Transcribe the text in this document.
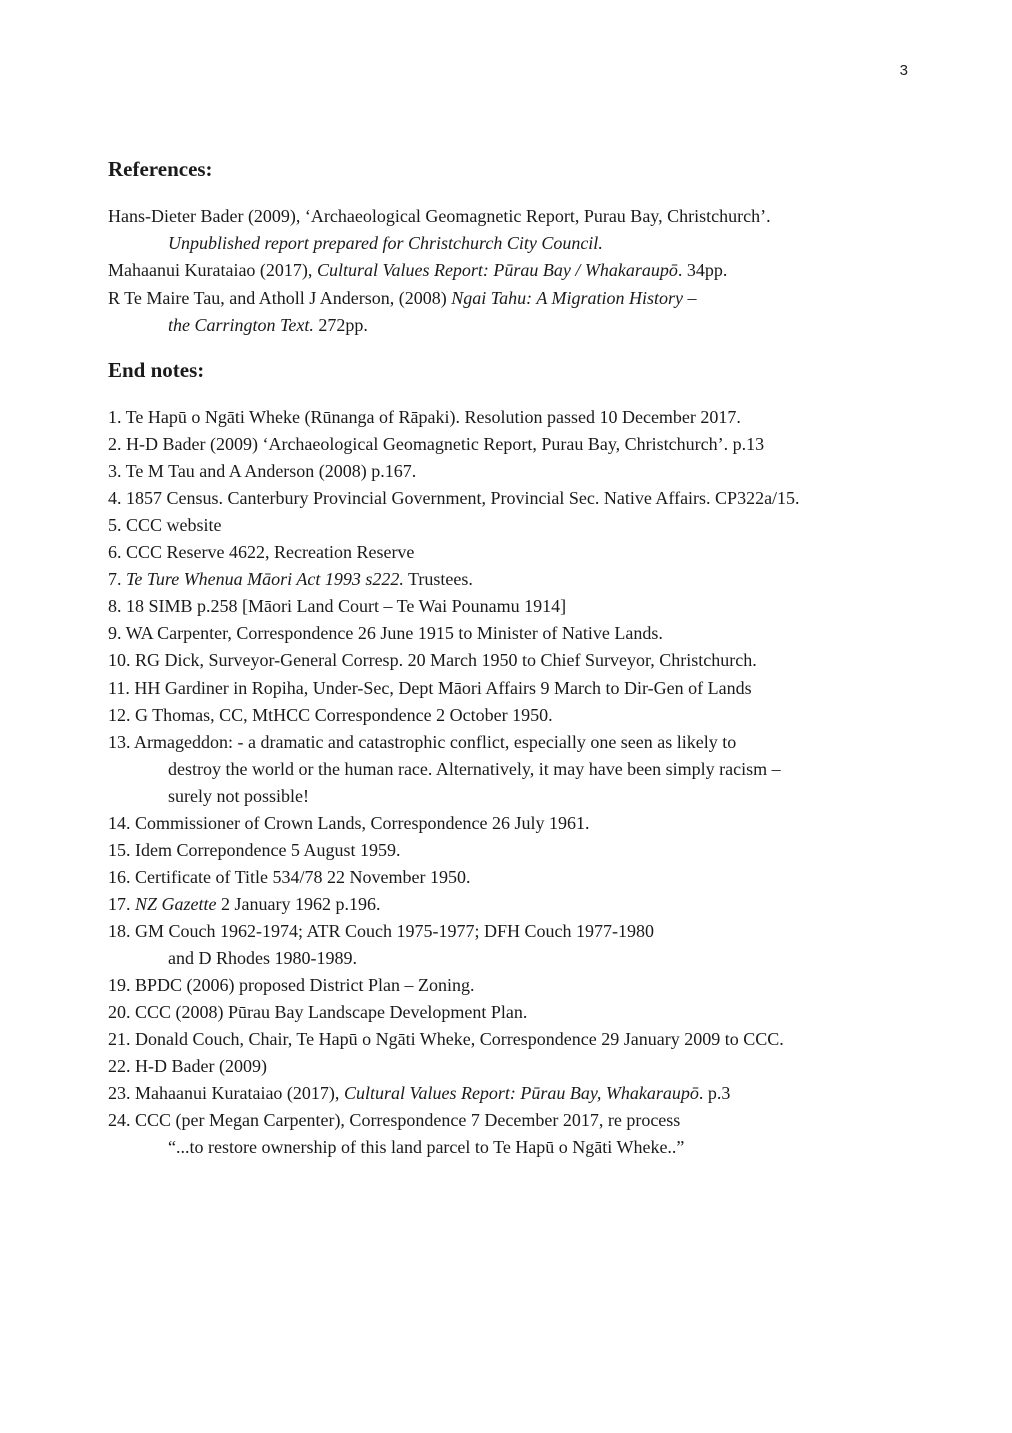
3
References:
Hans-Dieter Bader (2009), ‘Archaeological Geomagnetic Report, Purau Bay, Christchurch’.
Unpublished report prepared for Christchurch City Council.
Mahaanui Kurataiao (2017), Cultural Values Report: Pūrau Bay / Whakaraupō. 34pp.
R Te Maire Tau, and Atholl J Anderson, (2008) Ngai Tahu: A Migration History –
the Carrington Text. 272pp.
End notes:
1. Te Hapū o Ngāti Wheke (Rūnanga of Rāpaki). Resolution passed 10 December 2017.
2. H-D Bader (2009) ‘Archaeological Geomagnetic Report, Purau Bay, Christchurch’. p.13
3. Te M Tau and A Anderson (2008) p.167.
4. 1857 Census. Canterbury Provincial Government, Provincial Sec. Native Affairs. CP322a/15.
5. CCC website
6. CCC Reserve 4622, Recreation Reserve
7. Te Ture Whenua Māori Act 1993 s222. Trustees.
8. 18 SIMB p.258 [Māori Land Court – Te Wai Pounamu 1914]
9. WA Carpenter, Correspondence 26 June 1915 to Minister of Native Lands.
10. RG Dick, Surveyor-General Corresp. 20 March 1950 to Chief Surveyor, Christchurch.
11. HH Gardiner in Ropiha, Under-Sec, Dept Māori Affairs 9 March to Dir-Gen of Lands
12. G Thomas, CC, MtHCC Correspondence 2 October 1950.
13. Armageddon: - a dramatic and catastrophic conflict, especially one seen as likely to
destroy the world or the human race. Alternatively, it may have been simply racism –
surely not possible!
14. Commissioner of Crown Lands, Correspondence 26 July 1961.
15. Idem Correpondence 5 August 1959.
16. Certificate of Title 534/78 22 November 1950.
17. NZ Gazette 2 January 1962 p.196.
18. GM Couch 1962-1974; ATR Couch 1975-1977; DFH Couch 1977-1980
and D Rhodes 1980-1989.
19. BPDC (2006) proposed District Plan – Zoning.
20. CCC (2008) Pūrau Bay Landscape Development Plan.
21. Donald Couch, Chair, Te Hapū o Ngāti Wheke, Correspondence 29 January 2009 to CCC.
22. H-D Bader (2009)
23. Mahaanui Kurataiao (2017), Cultural Values Report: Pūrau Bay, Whakaraupō. p.3
24. CCC (per Megan Carpenter), Correspondence 7 December 2017, re process
“...to restore ownership of this land parcel to Te Hapū o Ngāti Wheke..”
